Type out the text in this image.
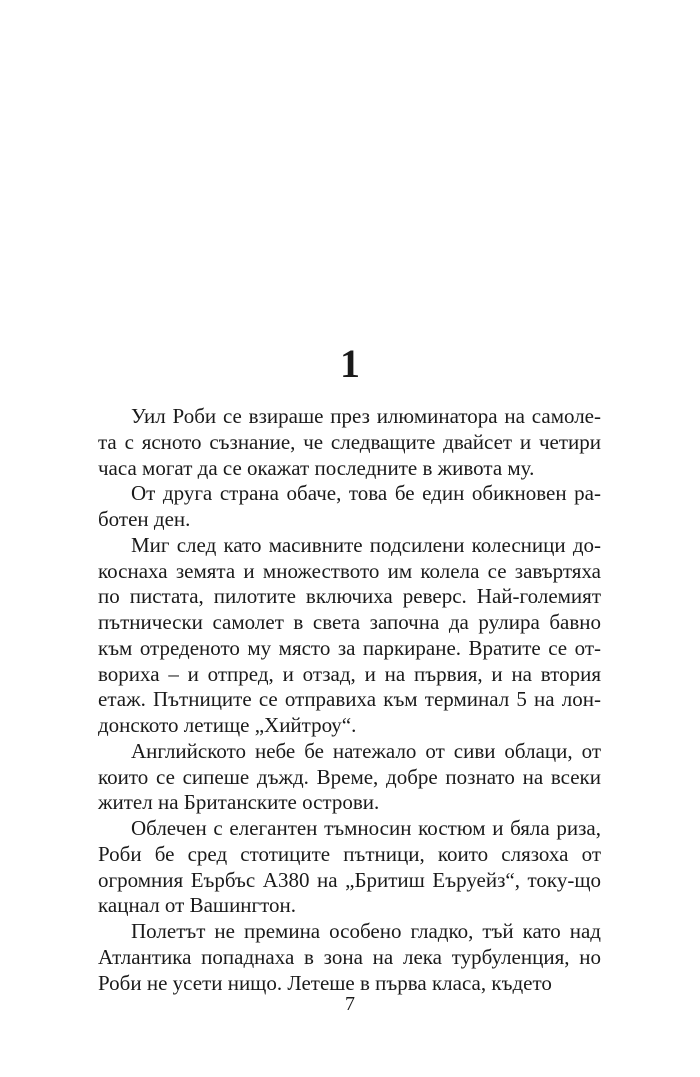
1
Уил Роби се взираше през илюминатора на самоле-
та с ясното съзнание, че следващите двайсет и четири
часа могат да се окажат последните в живота му.
От друга страна обаче, това бе един обикновен ра-
ботен ден.
Миг след като масивните подсилени колесници до-
коснаха земята и множеството им колела се завъртяха
по пистата, пилотите включиха реверс. Най-големият
пътнически самолет в света започна да рулира бавно
към отреденото му място за паркиране. Вратите се от-
вориха – и отпред, и отзад, и на първия, и на втория
етаж. Пътниците се отправиха към терминал 5 на лон-
донското летище „Хийтроу“.
Английското небе бе натежало от сиви облаци, от
които се сипеше дъжд. Време, добре познато на всеки
жител на Британските острови.
Облечен с елегантен тъмносин костюм и бяла риза,
Роби бе сред стотиците пътници, които слязоха от
огромния Еърбъс А380 на „Бритиш Еъруейз“, току-що
кацнал от Вашингтон.
Полетът не премина особено гладко, тъй като над
Атлантика попаднаха в зона на лека турбуленция, но
Роби не усети нищо. Летеше в първа класа, където
7
